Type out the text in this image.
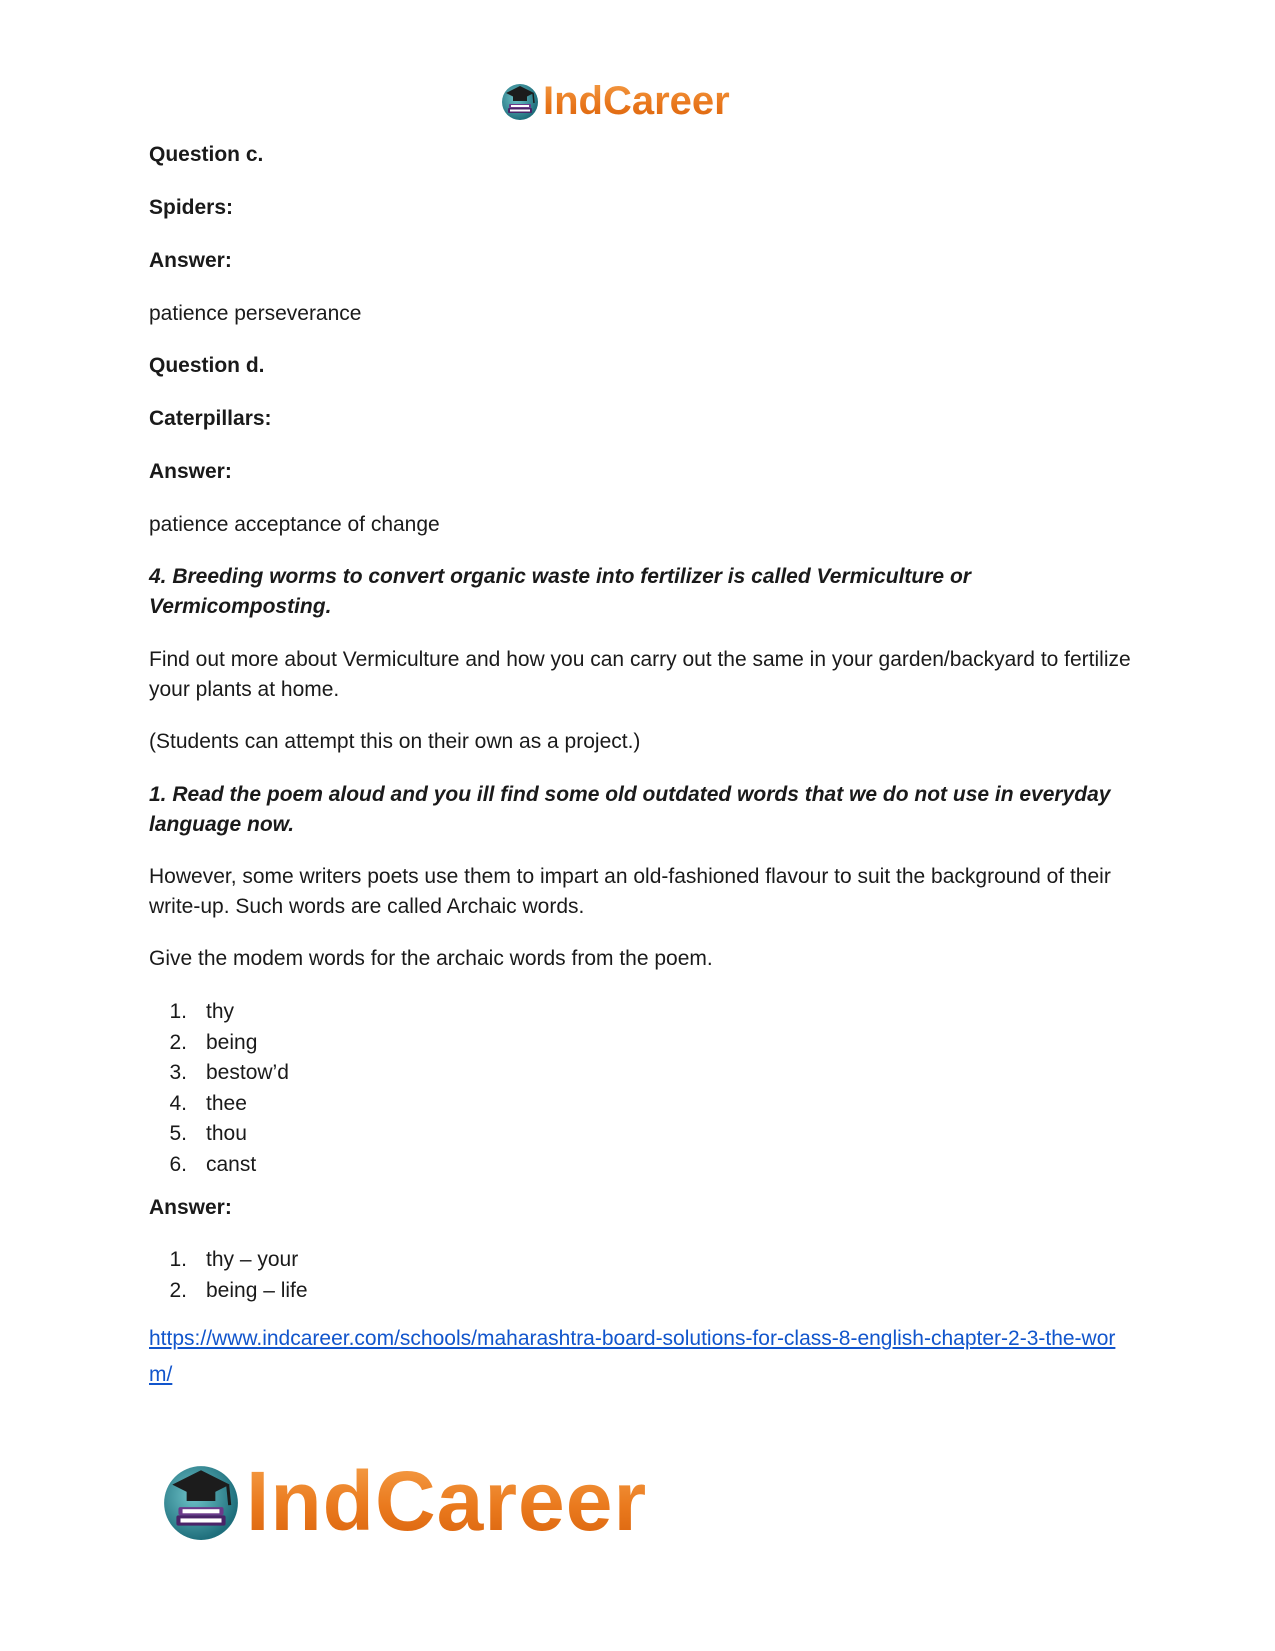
IndCareer
Question c.
Spiders:
Answer:
patience perseverance
Question d.
Caterpillars:
Answer:
patience acceptance of change
4. Breeding worms to convert organic waste into fertilizer is called Vermiculture or Vermicomposting.
Find out more about Vermiculture and how you can carry out the same in your garden/backyard to fertilize your plants at home.
(Students can attempt this on their own as a project.)
1. Read the poem aloud and you ill find some old outdated words that we do not use in everyday language now.
However, some writers poets use them to impart an old-fashioned flavour to suit the background of their write-up. Such words are called Archaic words.
Give the modem words for the archaic words from the poem.
1. thy
2. being
3. bestow’d
4. thee
5. thou
6. canst
Answer:
1. thy – your
2. being – life
https://www.indcareer.com/schools/maharashtra-board-solutions-for-class-8-english-chapter-2-3-the-worm/
IndCareer
